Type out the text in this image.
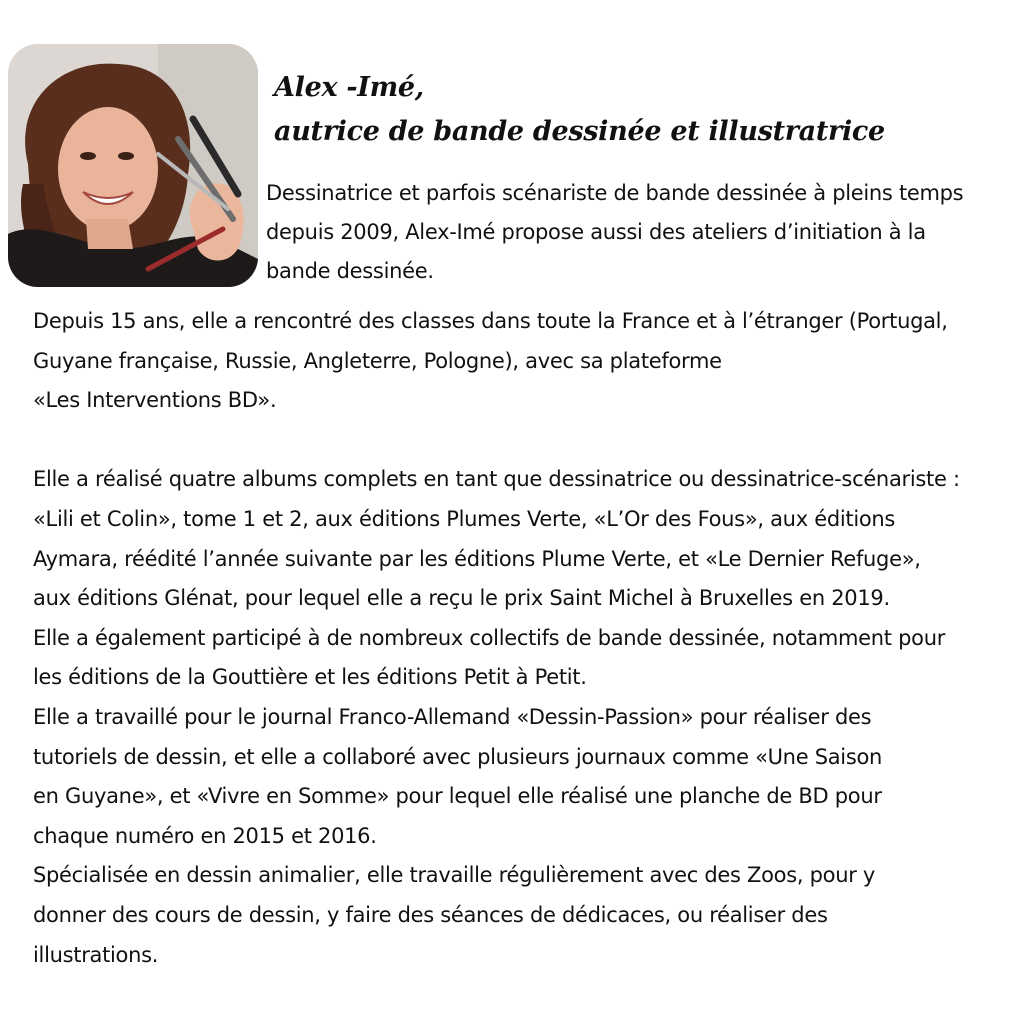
Alex -Imé,
autrice de bande dessinée et illustratrice

Dessinatrice et parfois scénariste de bande dessinée à pleins temps
depuis 2009, Alex-Imé propose aussi des ateliers d’initiation à la
bande dessinée.

Depuis 15 ans, elle a rencontré des classes dans toute la France et à l’étranger (Portugal,
Guyane française, Russie, Angleterre, Pologne), avec sa plateforme
«Les Interventions BD».
Elle a réalisé quatre albums complets en tant que dessinatrice ou dessinatrice-scénariste :
«Lili et Colin», tome 1 et 2, aux éditions Plumes Verte, «L’Or des Fous», aux éditions
Aymara, réédité l’année suivante par les éditions Plume Verte, et «Le Dernier Refuge»,
aux éditions Glénat, pour lequel elle a reçu le prix Saint Michel à Bruxelles en 2019.
Elle a également participé à de nombreux collectifs de bande dessinée, notamment pour
les éditions de la Gouttière et les éditions Petit à Petit.
Elle a travaillé pour le journal Franco-Allemand «Dessin-Passion» pour réaliser des
tutoriels de dessin, et elle a collaboré avec plusieurs journaux comme «Une Saison
en Guyane», et «Vivre en Somme» pour lequel elle réalisé une planche de BD pour
chaque numéro en 2015 et 2016.
Spécialisée en dessin animalier, elle travaille régulièrement avec des Zoos, pour y
donner des cours de dessin, y faire des séances de dédicaces, ou réaliser des
illustrations.
